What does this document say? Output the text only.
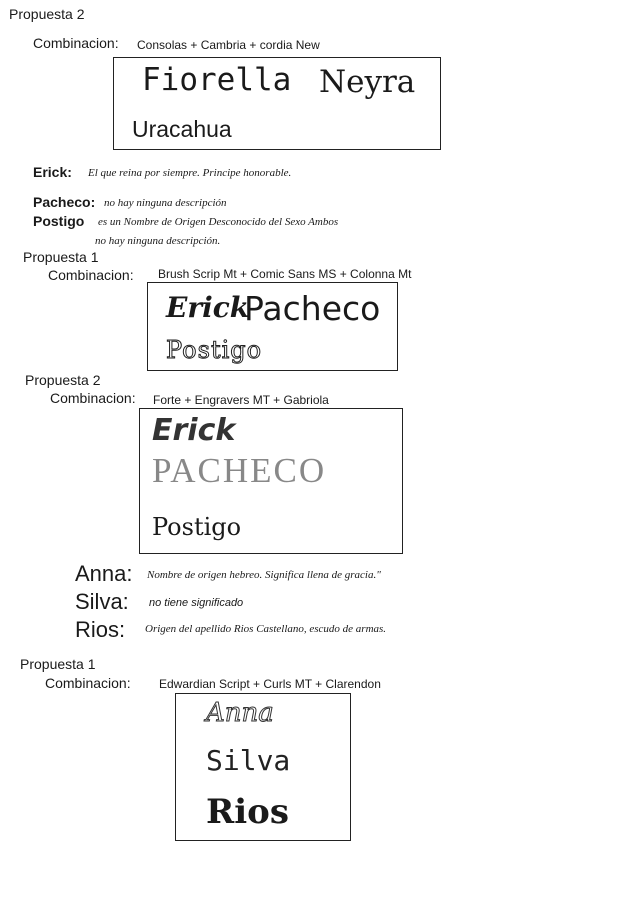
Propuesta 2
Combinacion: Consolas + Cambria + cordia New
Fiorella Neyra
Uracahua
Erick: El que reina por siempre. Principe honorable.
Pacheco: no hay ninguna descripción
Postigo es un Nombre de Origen Desconocido del Sexo Ambos
no hay ninguna descripción.
Propuesta 1
Combinacion: Brush Scrip Mt + Comic Sans MS + Colonna Mt
Erick
Pacheco
Postigo
Propuesta 2
Combinacion: Forte + Engravers MT + Gabriola
Erick
PACHECO
Postigo
Anna: Nombre de origen hebreo. Significa llena de gracia."
Silva: no tiene significado
Rios: Origen del apellido Rios Castellano, escudo de armas.
Propuesta 1
Combinacion: Edwardian Script + Curls MT + Clarendon
Anna
Silva
Rios
